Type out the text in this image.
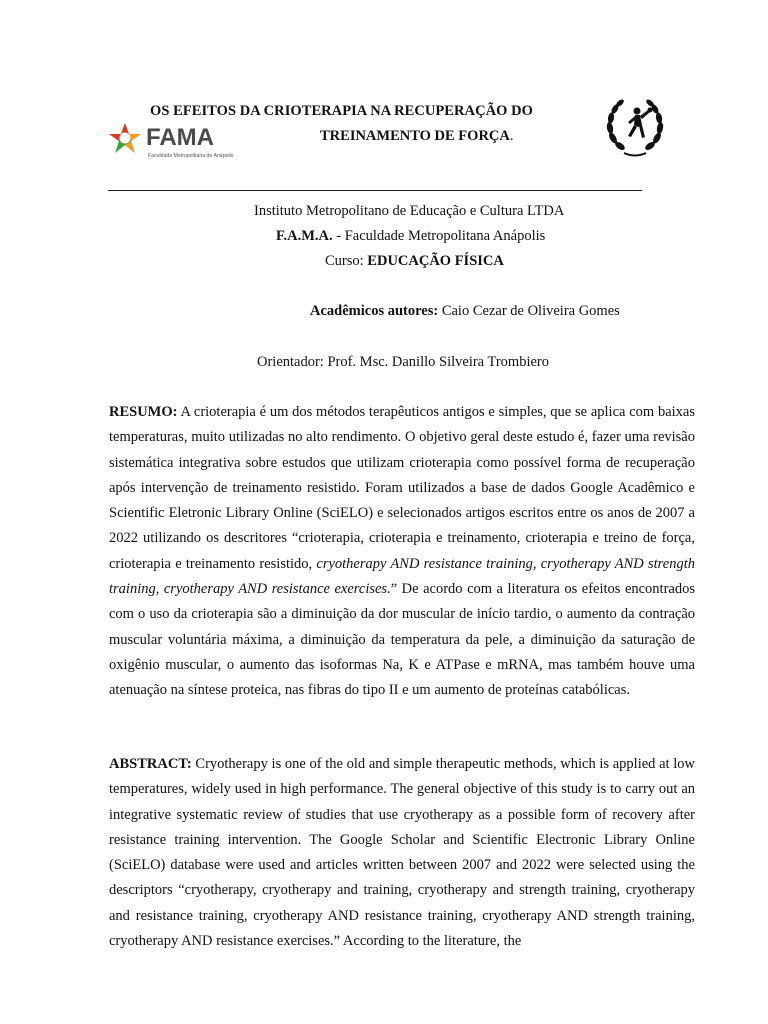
OS EFEITOS DA CRIOTERAPIA NA RECUPERAÇÃO DO
TREINAMENTO DE FORÇA.
FAMA
Faculdade Metropolitana de Anápolis
Instituto Metropolitano de Educação e Cultura LTDA
F.A.M.A. - Faculdade Metropolitana Anápolis
Curso: EDUCAÇÃO FÍSICA
Acadêmicos autores: Caio Cezar de Oliveira Gomes
Orientador: Prof. Msc. Danillo Silveira Trombiero

RESUMO: A crioterapia é um dos métodos terapêuticos antigos e simples, que se aplica com baixas temperaturas, muito utilizadas no alto rendimento. O objetivo geral deste estudo é, fazer uma revisão sistemática integrativa sobre estudos que utilizam crioterapia como possível forma de recuperação após intervenção de treinamento resistido. Foram utilizados a base de dados Google Acadêmico e Scientific Eletronic Library Online (SciELO) e selecionados artigos escritos entre os anos de 2007 a 2022 utilizando os descritores “crioterapia, crioterapia e treinamento, crioterapia e treino de força, crioterapia e treinamento resistido, cryotherapy AND resistance training, cryotherapy AND strength training, cryotherapy AND resistance exercises.” De acordo com a literatura os efeitos encontrados com o uso da crioterapia são a diminuição da dor muscular de início tardio, o aumento da contração muscular voluntária máxima, a diminuição da temperatura da pele, a diminuição da saturação de oxigênio muscular, o aumento das isoformas Na, K e ATPase e mRNA, mas também houve uma atenuação na síntese proteica, nas fibras do tipo II e um aumento de proteínas catabólicas.

ABSTRACT: Cryotherapy is one of the old and simple therapeutic methods, which is applied at low temperatures, widely used in high performance. The general objective of this study is to carry out an integrative systematic review of studies that use cryotherapy as a possible form of recovery after resistance training intervention. The Google Scholar and Scientific Electronic Library Online (SciELO) database were used and articles written between 2007 and 2022 were selected using the descriptors “cryotherapy, cryotherapy and training, cryotherapy and strength training, cryotherapy and resistance training, cryotherapy AND resistance training, cryotherapy AND strength training, cryotherapy AND resistance exercises.” According to the literature, the
